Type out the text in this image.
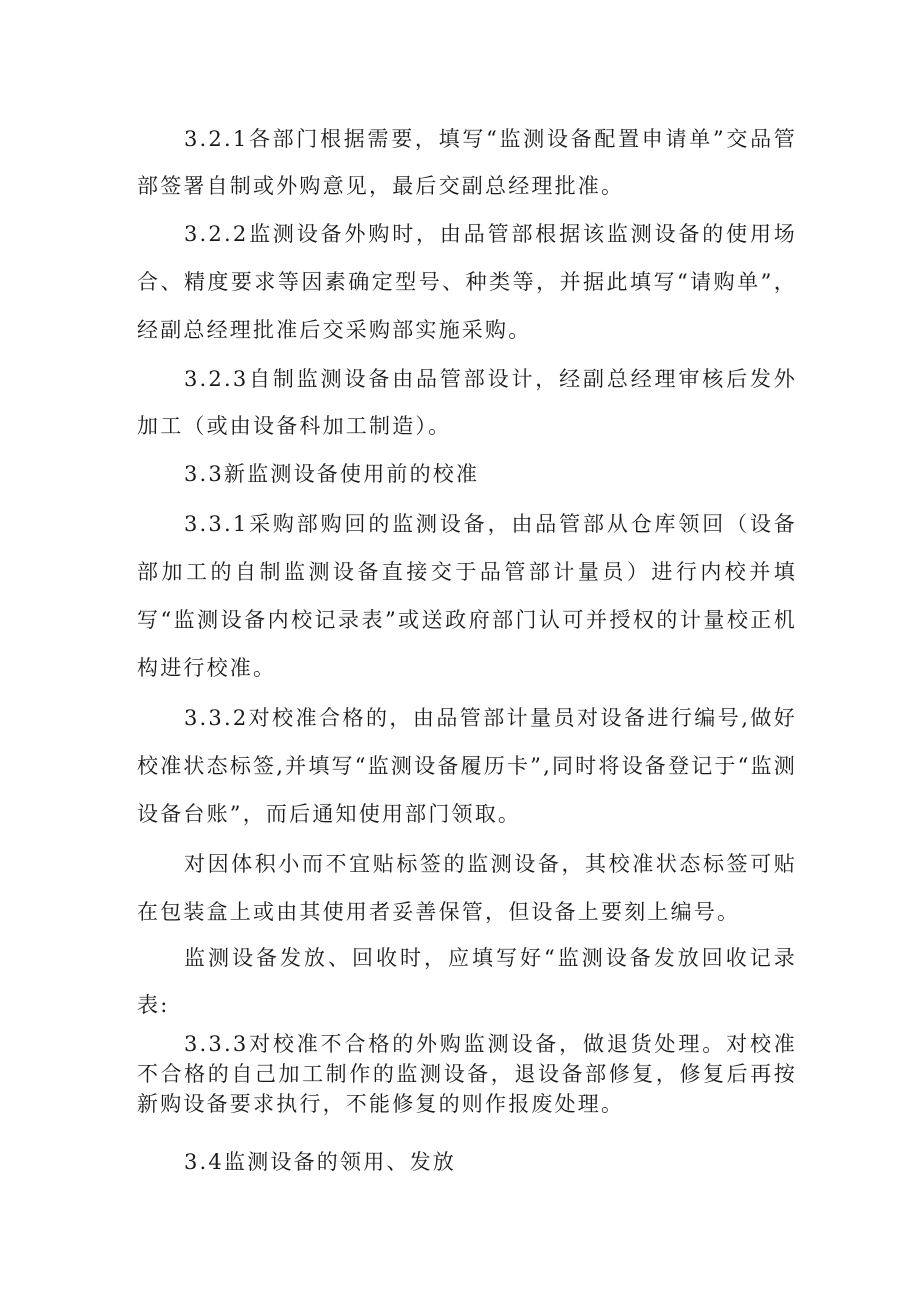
3.2.1各部门根据需要，填写“监测设备配置申请单”交品管部签署自制或外购意见，最后交副总经理批准。

3.2.2监测设备外购时，由品管部根据该监测设备的使用场合、精度要求等因素确定型号、种类等，并据此填写“请购单”，经副总经理批准后交采购部实施采购。

3.2.3自制监测设备由品管部设计，经副总经理审核后发外加工（或由设备科加工制造）。

3.3新监测设备使用前的校准

3.3.1采购部购回的监测设备，由品管部从仓库领回（设备部加工的自制监测设备直接交于品管部计量员）进行内校并填写“监测设备内校记录表”或送政府部门认可并授权的计量校正机构进行校准。

3.3.2对校准合格的，由品管部计量员对设备进行编号,做好校准状态标签,并填写“监测设备履历卡”,同时将设备登记于“监测设备台账”，而后通知使用部门领取。

对因体积小而不宜贴标签的监测设备，其校准状态标签可贴在包装盒上或由其使用者妥善保管，但设备上要刻上编号。

监测设备发放、回收时，应填写好“监测设备发放回收记录表:

3.3.3对校准不合格的外购监测设备，做退货处理。对校准不合格的自己加工制作的监测设备，退设备部修复，修复后再按新购设备要求执行，不能修复的则作报废处理。

3.4监测设备的领用、发放
